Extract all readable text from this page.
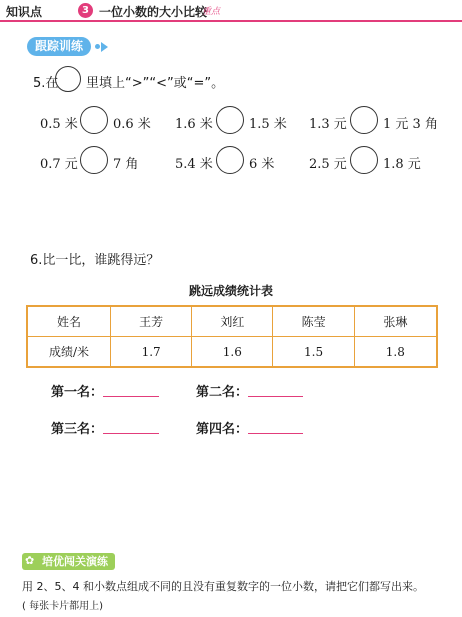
知识点	3 一位小数的大小比较
重点
跟踪训练
5.在 里填上“>”“<”或“=”。
0.5 米	0.6 米 1.6 米	1.5 米 1.3 元	1 元 3 角
0.7 元	7 角	5.4 米	6 米	2.5 元	1.8 元
6.比一比，谁跳得远？
跳远成绩统计表
姓名	王芳	刘红	陈莹	张琳
成绩/米	1.7	1.6	1.5	1.8
第一名：	第二名：
第三名：	第四名：
培优闯关演练
✿
用 2、5、4 和小数点组成不同的且没有重复数字的一位小数，请把它们都写出来。
( 每张卡片都用上)
